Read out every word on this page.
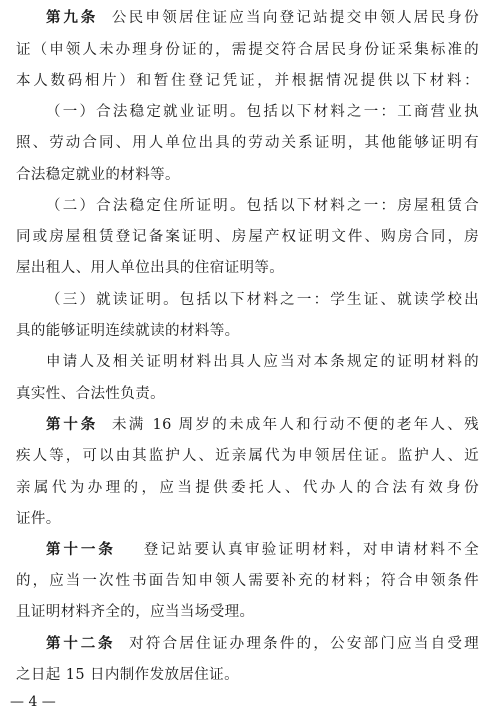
第九条 公民申领居住证应当向登记站提交申领人居民身份
证（申领人未办理身份证的，需提交符合居民身份证采集标准的
本人数码相片）和暂住登记凭证，并根据情况提供以下材料：
（一）合法稳定就业证明。包括以下材料之一：工商营业执
照、劳动合同、用人单位出具的劳动关系证明，其他能够证明有
合法稳定就业的材料等。
（二）合法稳定住所证明。包括以下材料之一：房屋租赁合
同或房屋租赁登记备案证明、房屋产权证明文件、购房合同，房
屋出租人、用人单位出具的住宿证明等。
（三）就读证明。包括以下材料之一：学生证、就读学校出
具的能够证明连续就读的材料等。
申请人及相关证明材料出具人应当对本条规定的证明材料的
真实性、合法性负责。
第十条 未满 16 周岁的未成年人和行动不便的老年人、残
疾人等，可以由其监护人、近亲属代为申领居住证。监护人、近
亲属代为办理的，应当提供委托人、代办人的合法有效身份
证件。
第十一条 登记站要认真审验证明材料，对申请材料不全
的，应当一次性书面告知申领人需要补充的材料；符合申领条件
且证明材料齐全的，应当当场受理。
第十二条 对符合居住证办理条件的，公安部门应当自受理
之日起 15 日内制作发放居住证。
— 4 —
